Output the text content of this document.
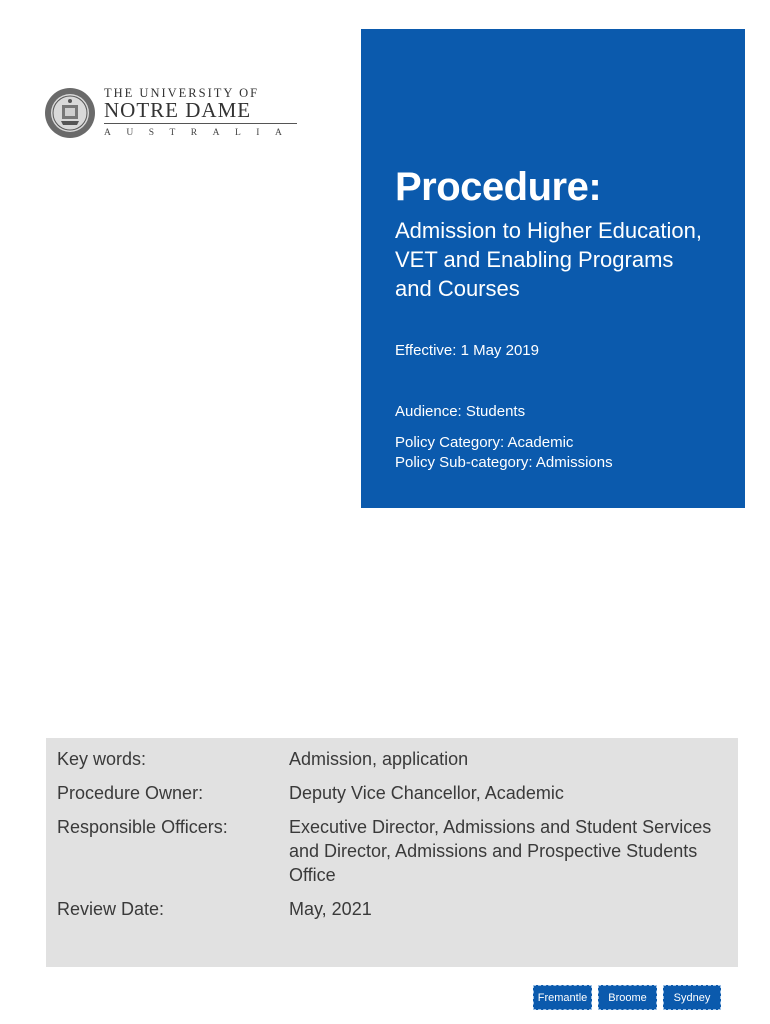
THE UNIVERSITY OF
NOTRE DAME
AUSTRALIA
Procedure:
Admission to Higher Education, VET and Enabling Programs and Courses
Effective: 1 May 2019
Audience: Students
Policy Category: Academic
Policy Sub-category: Admissions
Key words:	Admission, application
Procedure Owner:	Deputy Vice Chancellor, Academic
Responsible Officers:	Executive Director, Admissions and Student Services and Director, Admissions and Prospective Students Office
Review Date:	May, 2021
Fremantle	Broome	Sydney
